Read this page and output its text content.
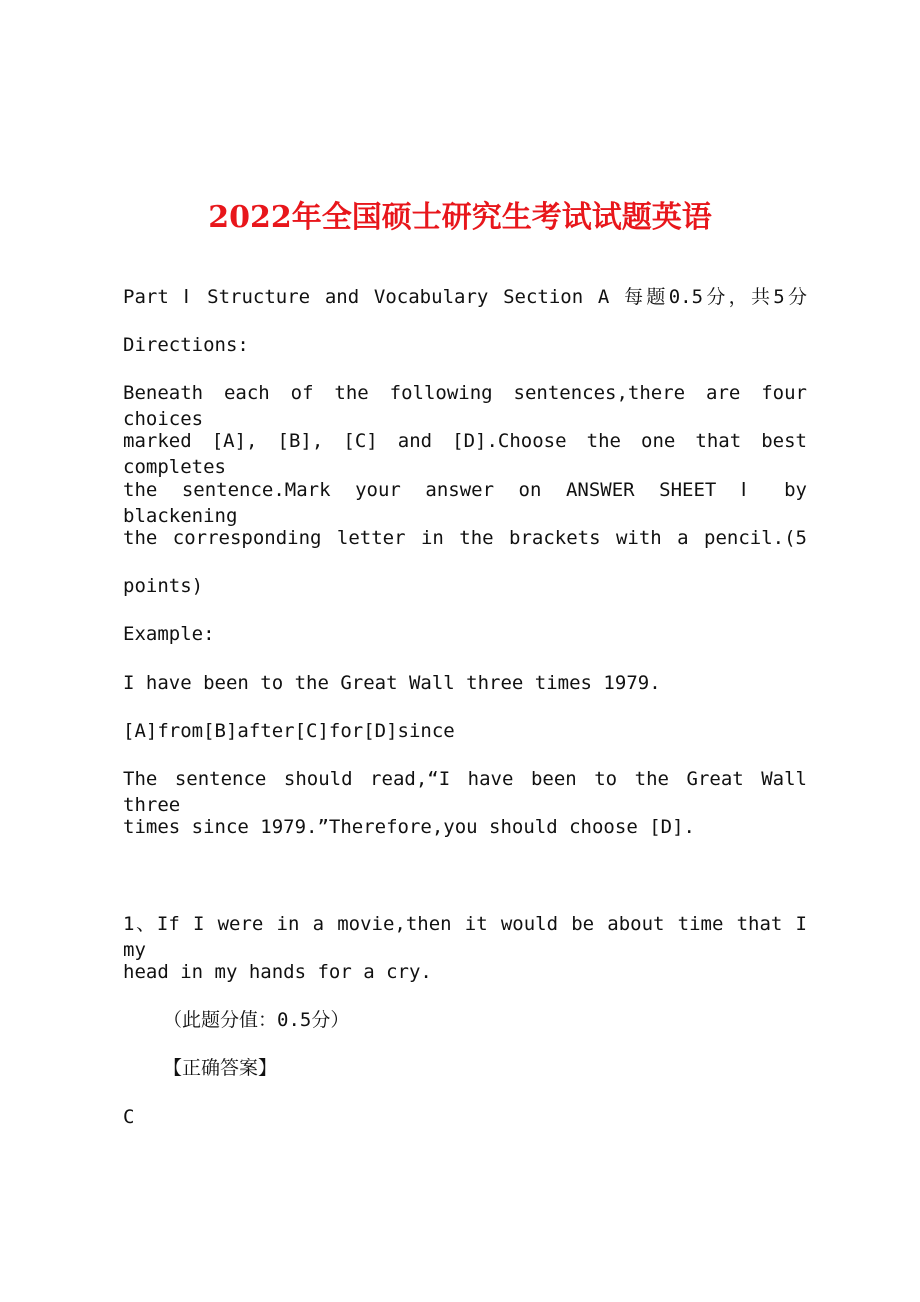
2022年全国硕士研究生考试试题英语
Part Ⅰ Structure and Vocabulary Section A 每题0.5分，共5分
Directions:
Beneath each of the following sentences,there are four choices
marked [A], [B], [C] and [D].Choose the one that best completes
the sentence.Mark your answer on ANSWER SHEET Ⅰ by blackening
the corresponding letter in the brackets with a pencil.(5
points)
Example:
I have been to the Great Wall three times 1979.
[A]from[B]after[C]for[D]since
The sentence should read,“I have been to the Great Wall three
times since 1979.”Therefore,you should choose [D].
1、If I were in a movie,then it would be about time that I my
head in my hands for a cry.
（此题分值：0.5分）
【正确答案】
C
